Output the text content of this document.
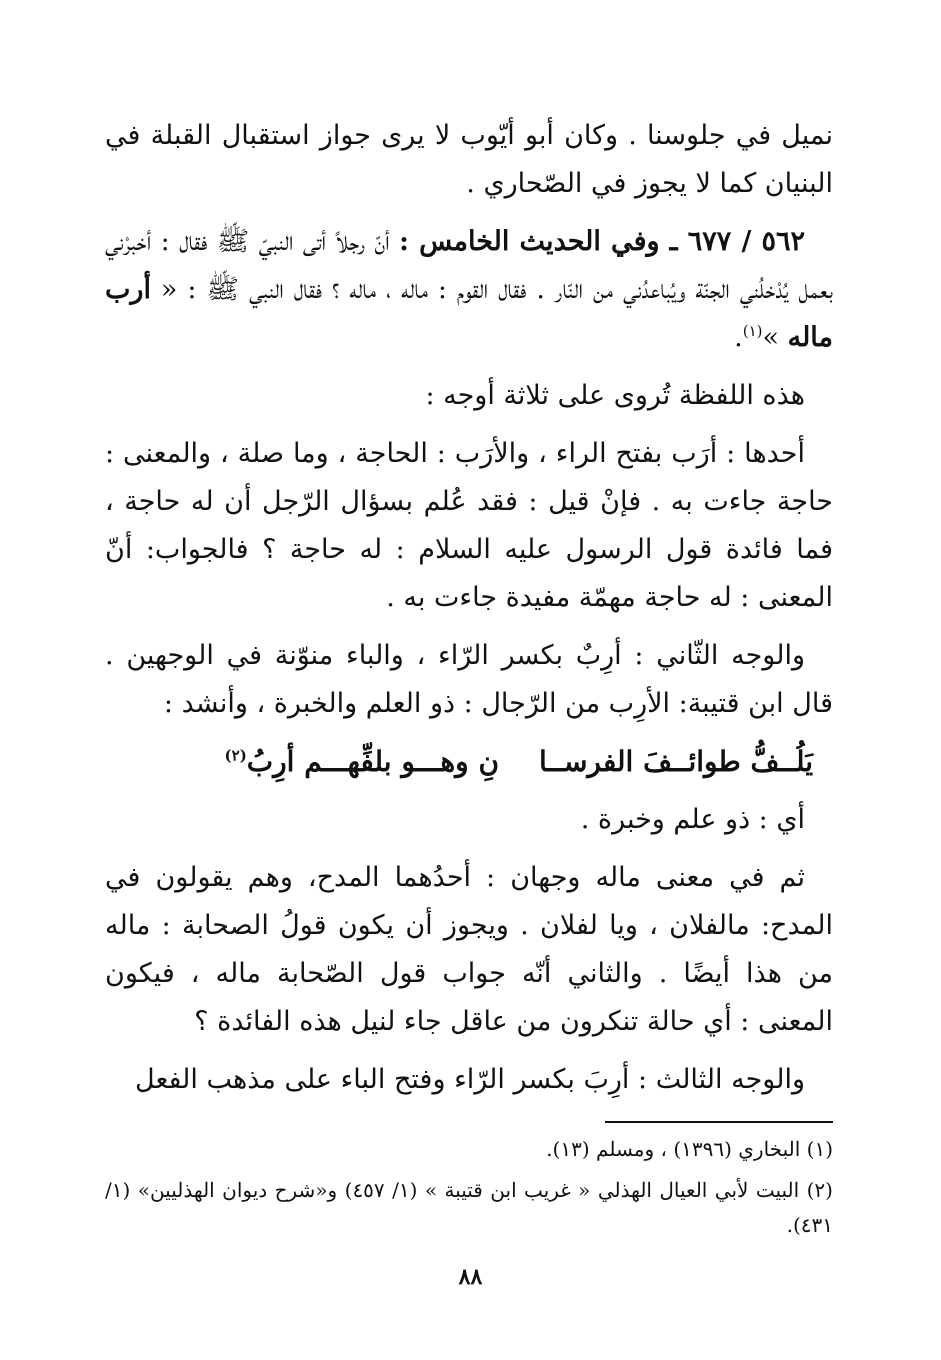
نميل في جلوسنا . وكان أبو أيّوب لا يرى جواز استقبال القبلة في البنيان كما لا يجوز في الصّحاري .

٥٦٢ / ٦٧٧ ـ وفي الحديث الخامس : أنّ رجلاً أتى النبيّ ﷺ فقال : أخبرْني بعمل يُدْخلُني الجنّة ويُباعدُني من النّار . فقال القوم : ماله ، ماله ؟ فقال النبي ﷺ : « أرب ماله »$^{(١)}$.

هذه اللفظة تُروى على ثلاثة أوجه :

أحدها : أرَب بفتح الراء ، والأرَب : الحاجة ، وما صلة ، والمعنى : حاجة جاءت به . فإنْ قيل : فقد عُلم بسؤال الرّجل أن له حاجة ، فما فائدة قول الرسول عليه السلام : له حاجة ؟ فالجواب: أنّ المعنى : له حاجة مهمّة مفيدة جاءت به .

والوجه الثّاني : أرِبٌ بكسر الرّاء ، والباء منوّنة في الوجهين . قال ابن قتيبة: الأرِب من الرّجال : ذو العلم والخبرة ، وأنشد :

يَلُــفُّ طوائــفَ الفرســانِ وهـــو بلفِّهـــم أرِبُ$^{(٢)}$

أي : ذو علم وخبرة .

ثم في معنى ماله وجهان : أحدُهما المدح، وهم يقولون في المدح: مالفلان ، ويا لفلان . ويجوز أن يكون قولُ الصحابة : ماله من هذا أيضًا . والثاني أنّه جواب قول الصّحابة ماله ، فيكون المعنى : أي حالة تنكرون من عاقل جاء لنيل هذه الفائدة ؟

والوجه الثالث : أرِبَ بكسر الرّاء وفتح الباء على مذهب الفعل

(١) البخاري (١٣٩٦) ، ومسلم (١٣).

(٢) البيت لأبي العيال الهذلي « غريب ابن قتيبة » (١/ ٤٥٧) و«شرح ديوان الهذليين» (١/ ٤٣١).

٨٨
